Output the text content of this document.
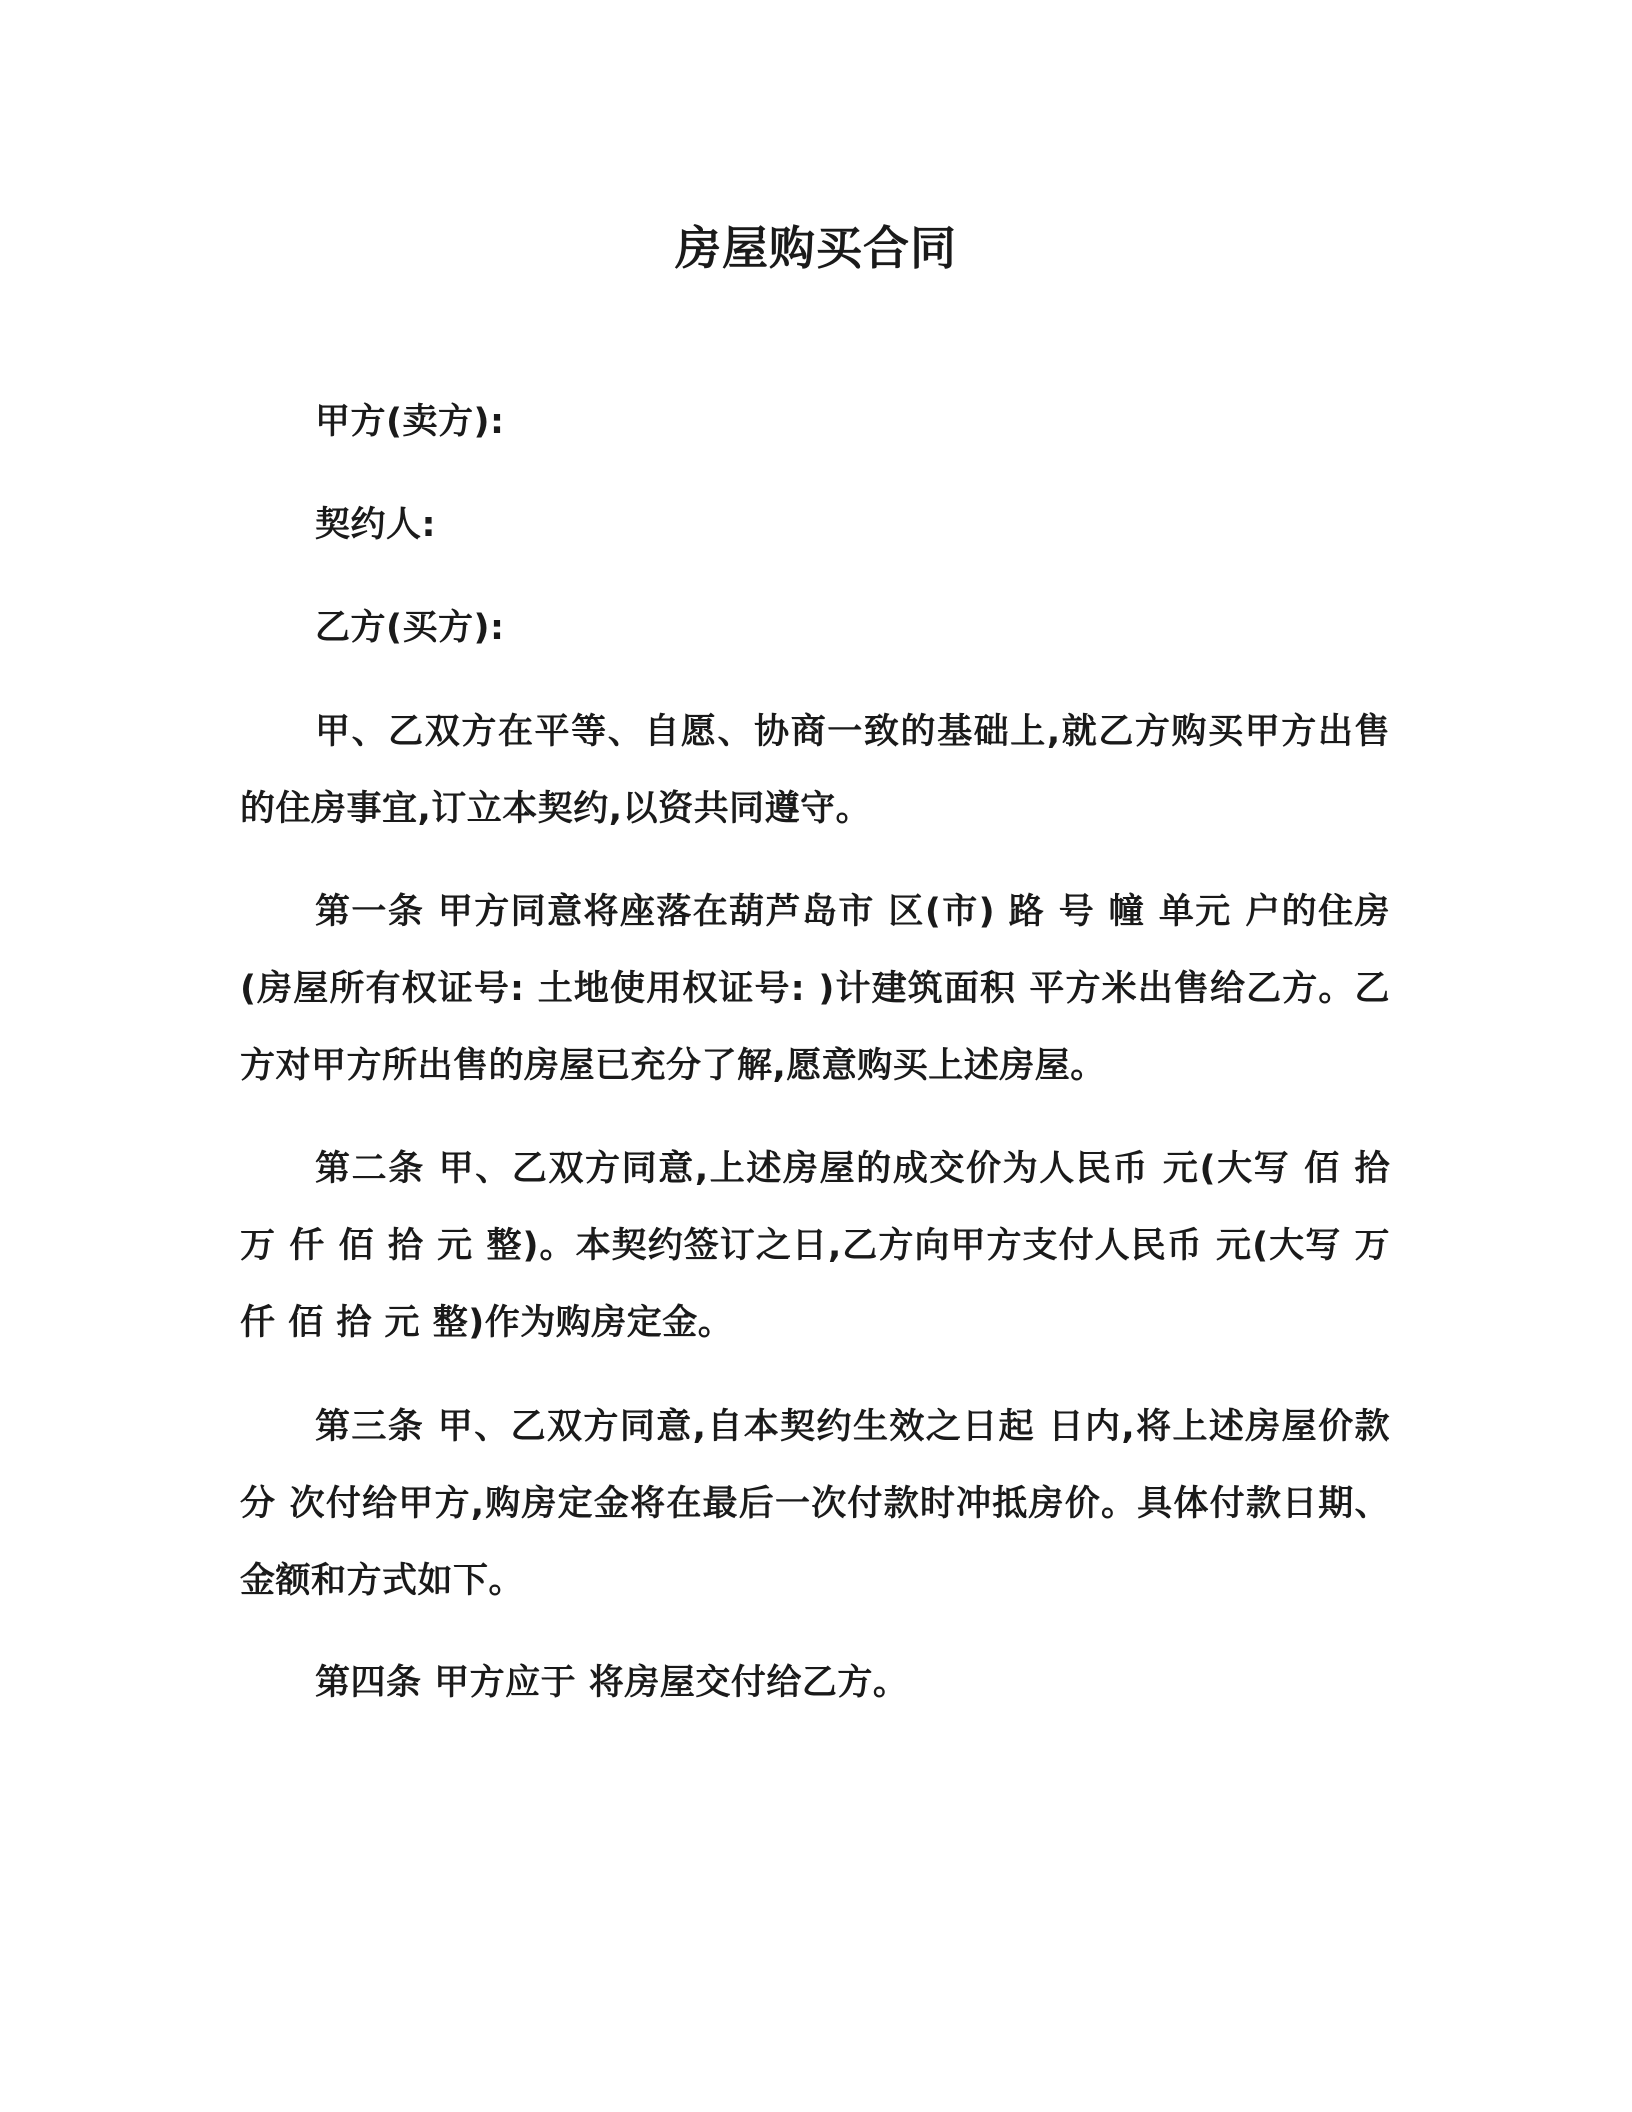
房屋购买合同
甲方(卖方):
契约人:
乙方(买方):
甲、乙双方在平等、自愿、协商一致的基础上,就乙方购买甲方出售的住房事宜,订立本契约,以资共同遵守。
第一条 甲方同意将座落在葫芦岛市 区(市) 路 号 幢 单元 户的住房(房屋所有权证号: 土地使用权证号: )计建筑面积 平方米出售给乙方。乙方对甲方所出售的房屋已充分了解,愿意购买上述房屋。
第二条 甲、乙双方同意,上述房屋的成交价为人民币 元(大写 佰 拾 万 仟 佰 拾 元 整)。本契约签订之日,乙方向甲方支付人民币 元(大写 万 仟 佰 拾 元 整)作为购房定金。
第三条 甲、乙双方同意,自本契约生效之日起 日内,将上述房屋价款分 次付给甲方,购房定金将在最后一次付款时冲抵房价。具体付款日期、金额和方式如下。
第四条 甲方应于 将房屋交付给乙方。
